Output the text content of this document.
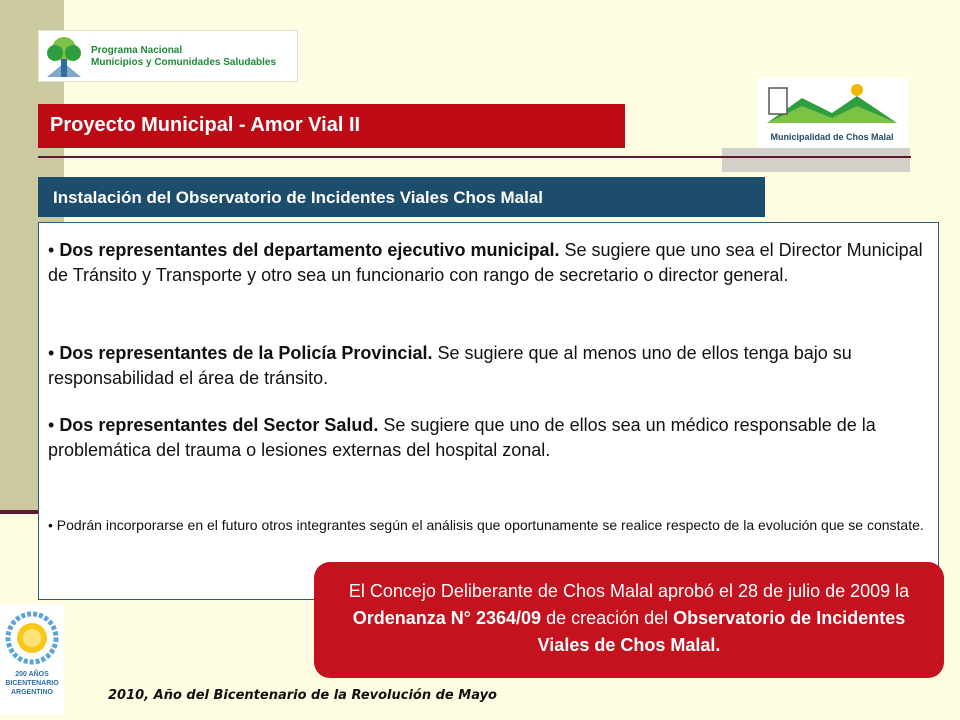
Programa Nacional
Municipios y Comunidades Saludables
Proyecto Municipal - Amor Vial II
Municipalidad de Chos Malal
Instalación del Observatorio de Incidentes Viales Chos Malal
• Dos representantes del departamento ejecutivo municipal. Se sugiere que uno sea el Director Municipal de Tránsito y Transporte y otro sea un funcionario con rango de secretario o director general.
• Dos representantes de la Policía Provincial. Se sugiere que al menos uno de ellos tenga bajo su responsabilidad el área de tránsito.
• Dos representantes del Sector Salud. Se sugiere que uno de ellos sea un médico responsable de la problemática del trauma o lesiones externas del hospital zonal.
• Podrán incorporarse en el futuro otros integrantes según el análisis que oportunamente se realice respecto de la evolución que se constate.
El Concejo Deliberante de Chos Malal aprobó el 28 de julio de 2009 la Ordenanza N° 2364/09 de creación del Observatorio de Incidentes Viales de Chos Malal.
200 AÑOS
BICENTENARIO
ARGENTINO	2010, Año del Bicentenario de la Revolución de Mayo
